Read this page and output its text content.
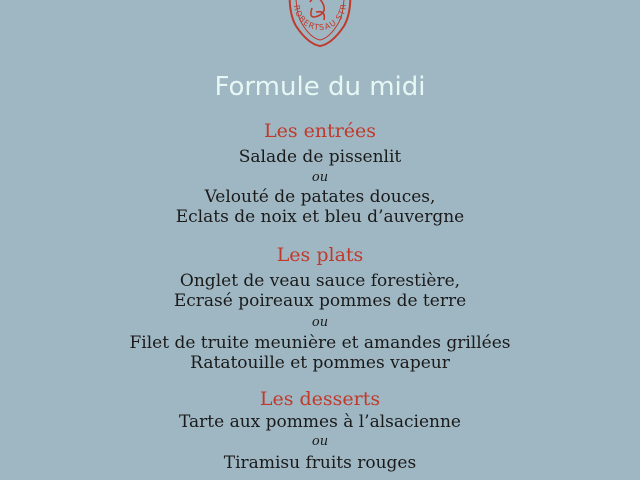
ROBERTSAU STR
Formule du midi
Les entrées
Salade de pissenlit
ou
Velouté de patates douces,
Eclats de noix et bleu d’auvergne
Les plats
Onglet de veau sauce forestière,
Ecrasé poireaux pommes de terre
ou
Filet de truite meunière et amandes grillées
Ratatouille et pommes vapeur
Les desserts
Tarte aux pommes à l’alsacienne
ou
Tiramisu fruits rouges
